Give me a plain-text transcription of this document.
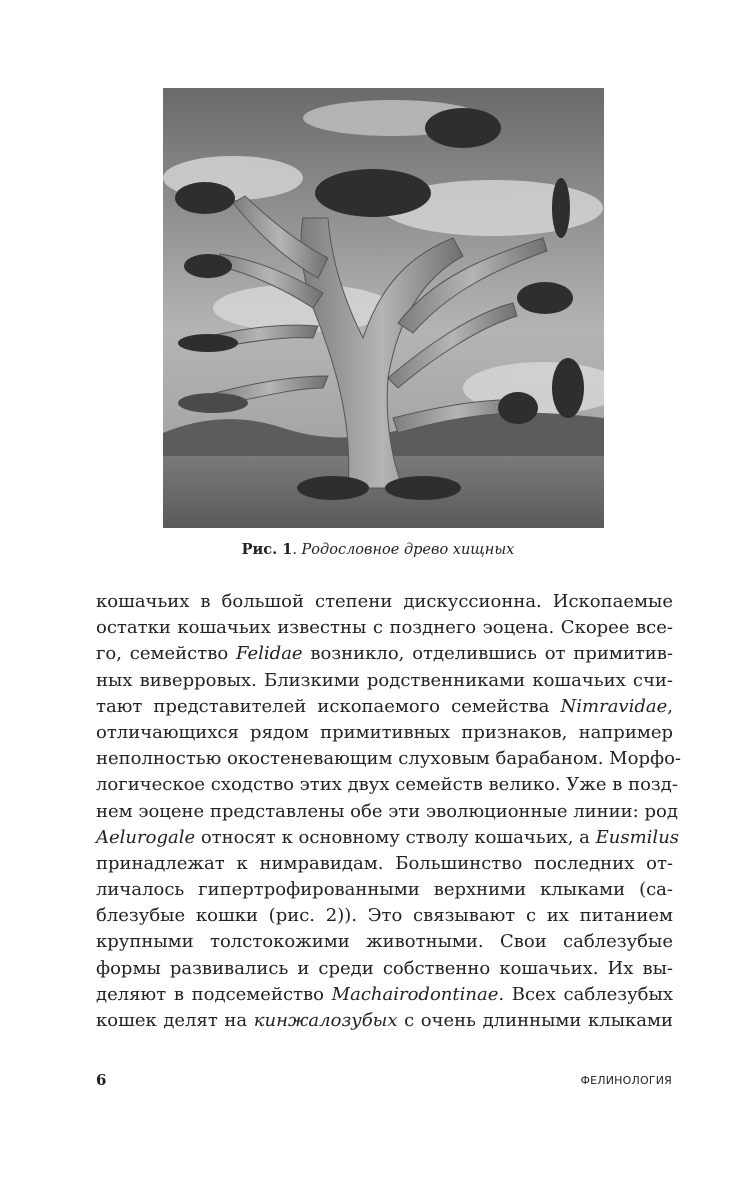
Рис. 1. Родословное древо хищных
кошачьих в большой степени дискуссионна. Ископаемые
остатки кошачьих известны с позднего эоцена. Скорее все-
го, семейство Felidae возникло, отделившись от примитив-
ных виверровых. Близкими родственниками кошачьих счи-
тают представителей ископаемого семейства Nimravidae,
отличающихся рядом примитивных признаков, например
неполностью окостеневающим слуховым барабаном. Морфо-
логическое сходство этих двух семейств велико. Уже в позд-
нем эоцене представлены обе эти эволюционные линии: род
Aelurogale относят к основному стволу кошачьих, а Eusmilus
принадлежат к нимравидам. Большинство последних от-
личалось гипертрофированными верхними клыками (са-
блезубые кошки (рис. 2)). Это связывают с их питанием
крупными толстокожими животными. Свои саблезубые
формы развивались и среди собственно кошачьих. Их вы-
деляют в подсемейство Machairodontinae. Всех саблезубых
кошек делят на кинжалозубых с очень длинными клыками
6	ФЕЛИНОЛОГИЯ
